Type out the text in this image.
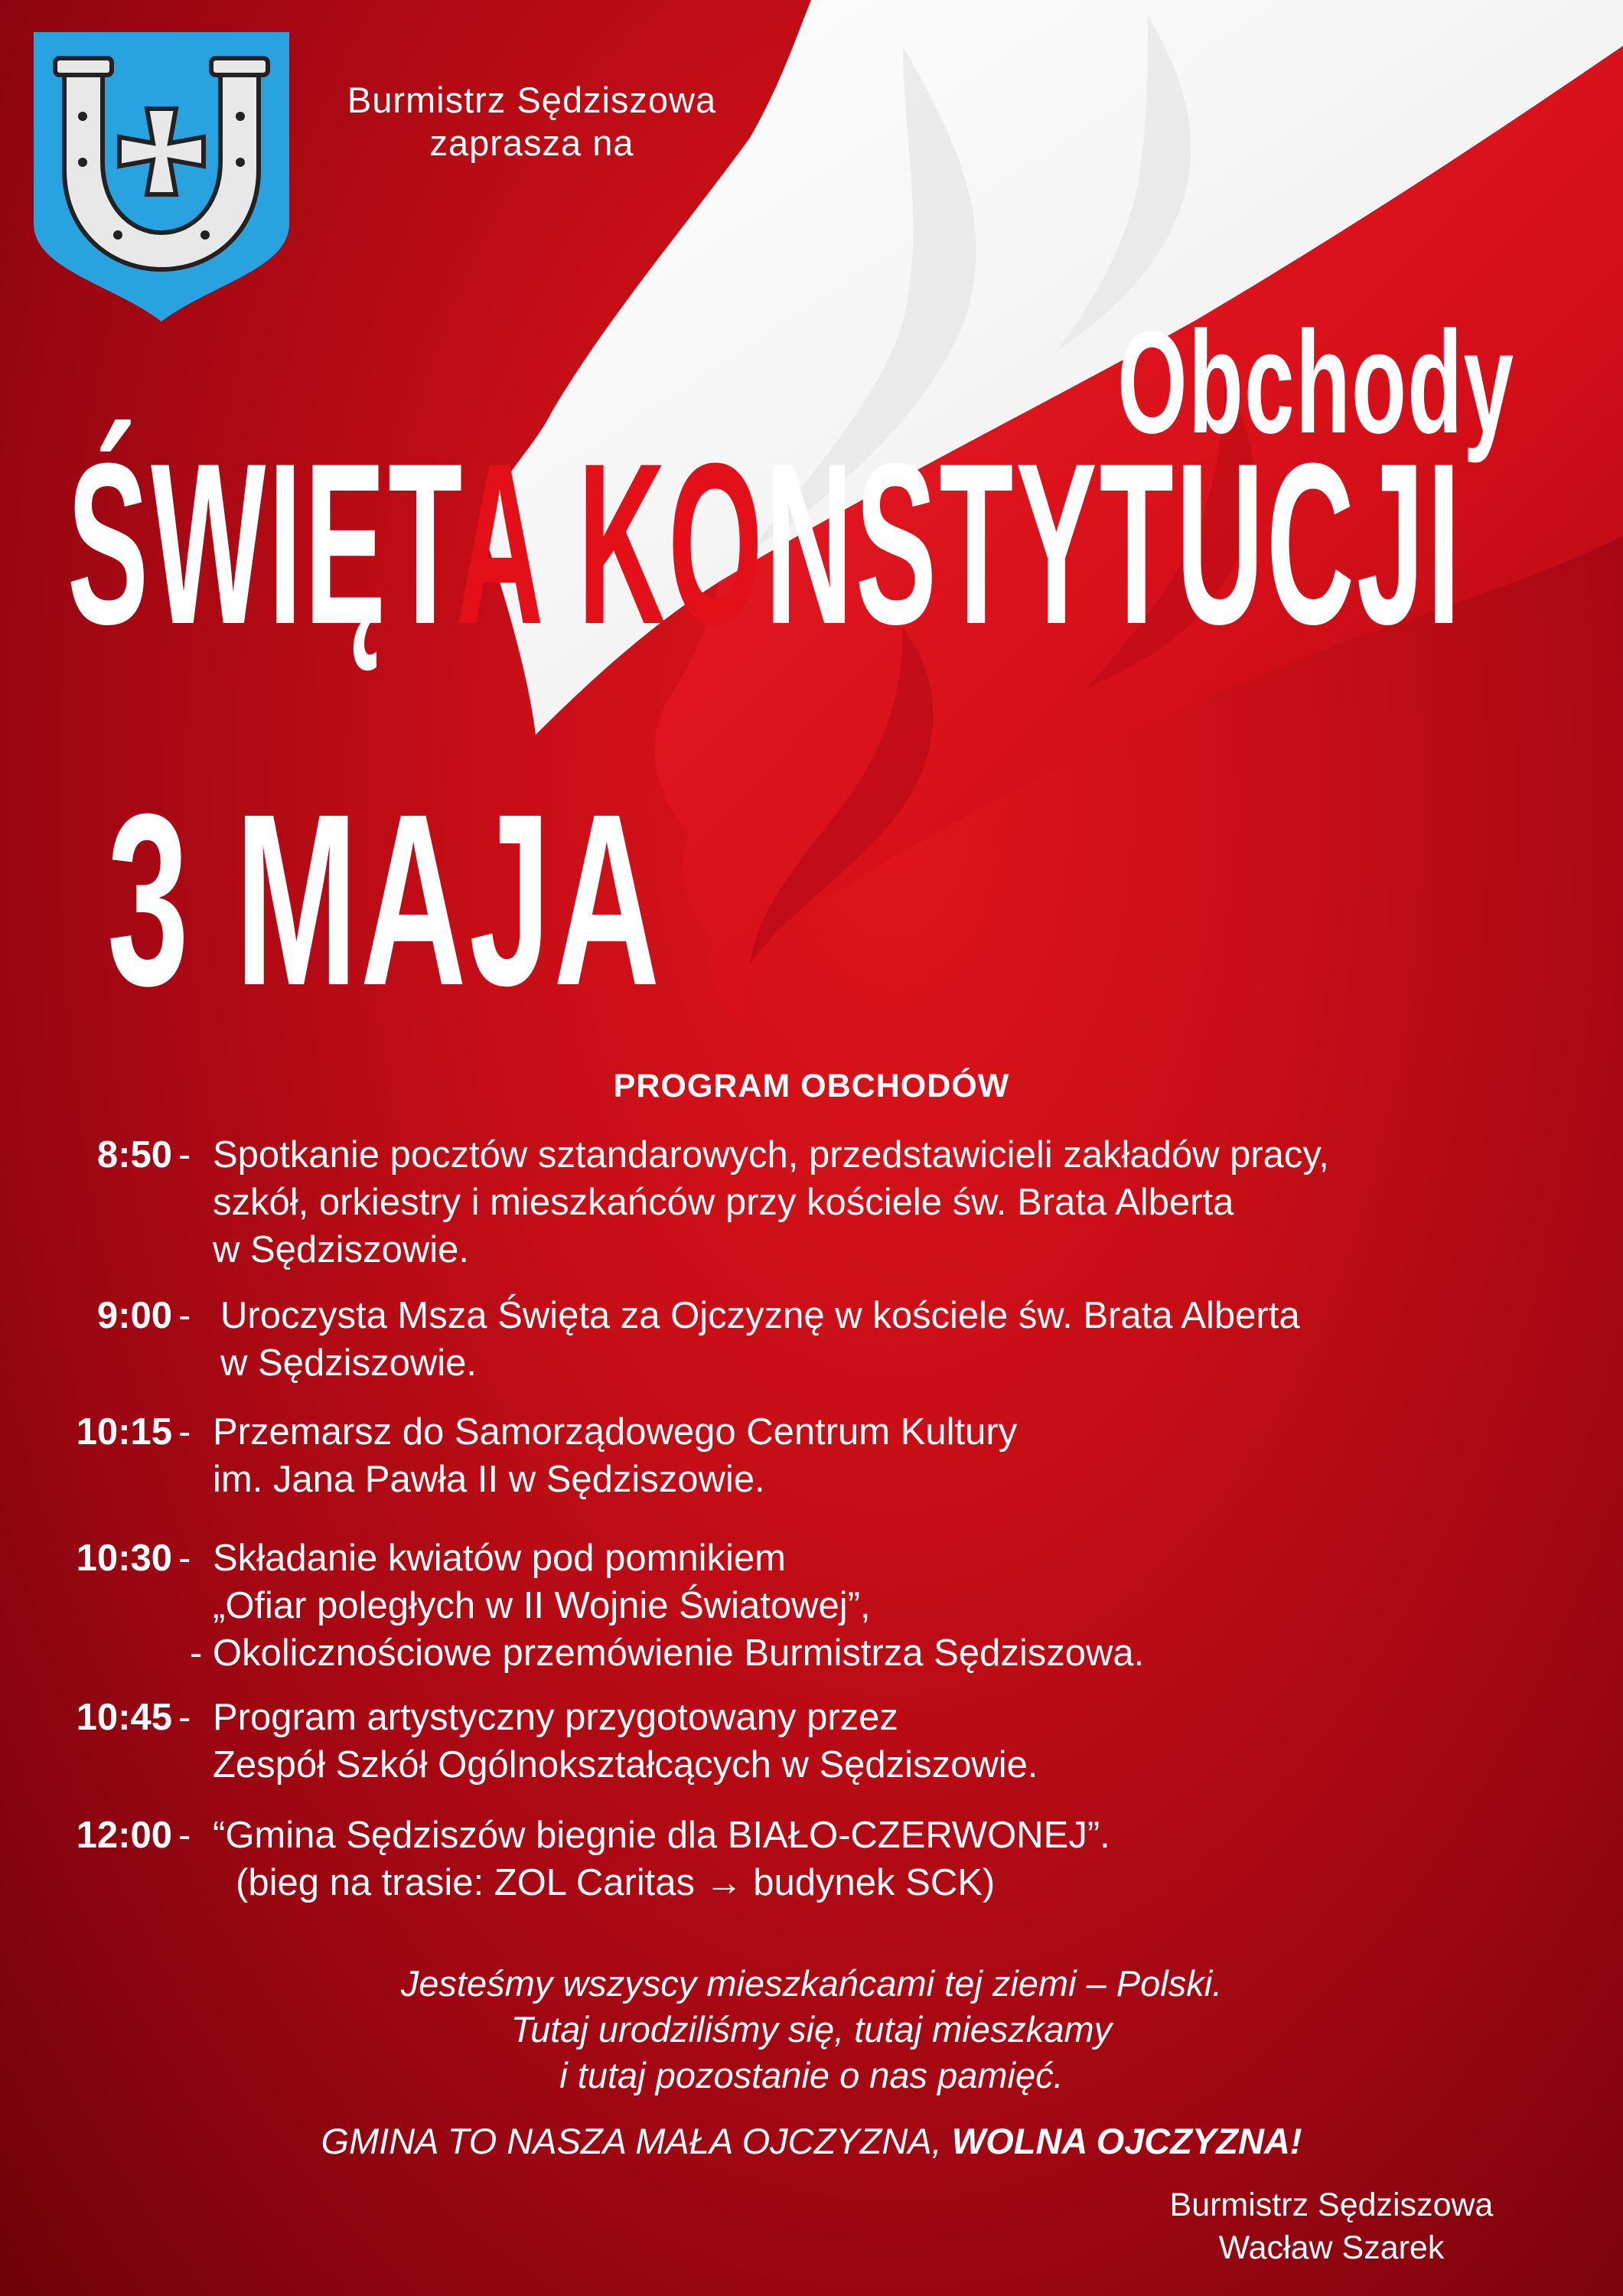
Burmistrz Sędziszowa
zaprasza na
Obchody
ŚWIĘTA KONSTYTUCJI
3 MAJA
PROGRAM OBCHODÓW
8:50 - Spotkanie pocztów sztandarowych, przedstawicieli zakładów pracy,
szkół, orkiestry i mieszkańców przy kościele św. Brata Alberta
w Sędziszowie.
9:00 - Uroczysta Msza Święta za Ojczyznę w kościele św. Brata Alberta
w Sędziszowie.
10:15 - Przemarsz do Samorządowego Centrum Kultury
im. Jana Pawła II w Sędziszowie.
10:30 - Składanie kwiatów pod pomnikiem
„Ofiar poległych w II Wojnie Światowej”,
- Okolicznościowe przemówienie Burmistrza Sędziszowa.
10:45 - Program artystyczny przygotowany przez
Zespół Szkół Ogólnokształcących w Sędziszowie.
12:00 - “Gmina Sędziszów biegnie dla BIAŁO-CZERWONEJ”.
(bieg na trasie: ZOL Caritas → budynek SCK)
Jesteśmy wszyscy mieszkańcami tej ziemi – Polski.
Tutaj urodziliśmy się, tutaj mieszkamy
i tutaj pozostanie o nas pamięć.
GMINA TO NASZA MAŁA OJCZYZNA, WOLNA OJCZYZNA!
Burmistrz Sędziszowa
Wacław Szarek
